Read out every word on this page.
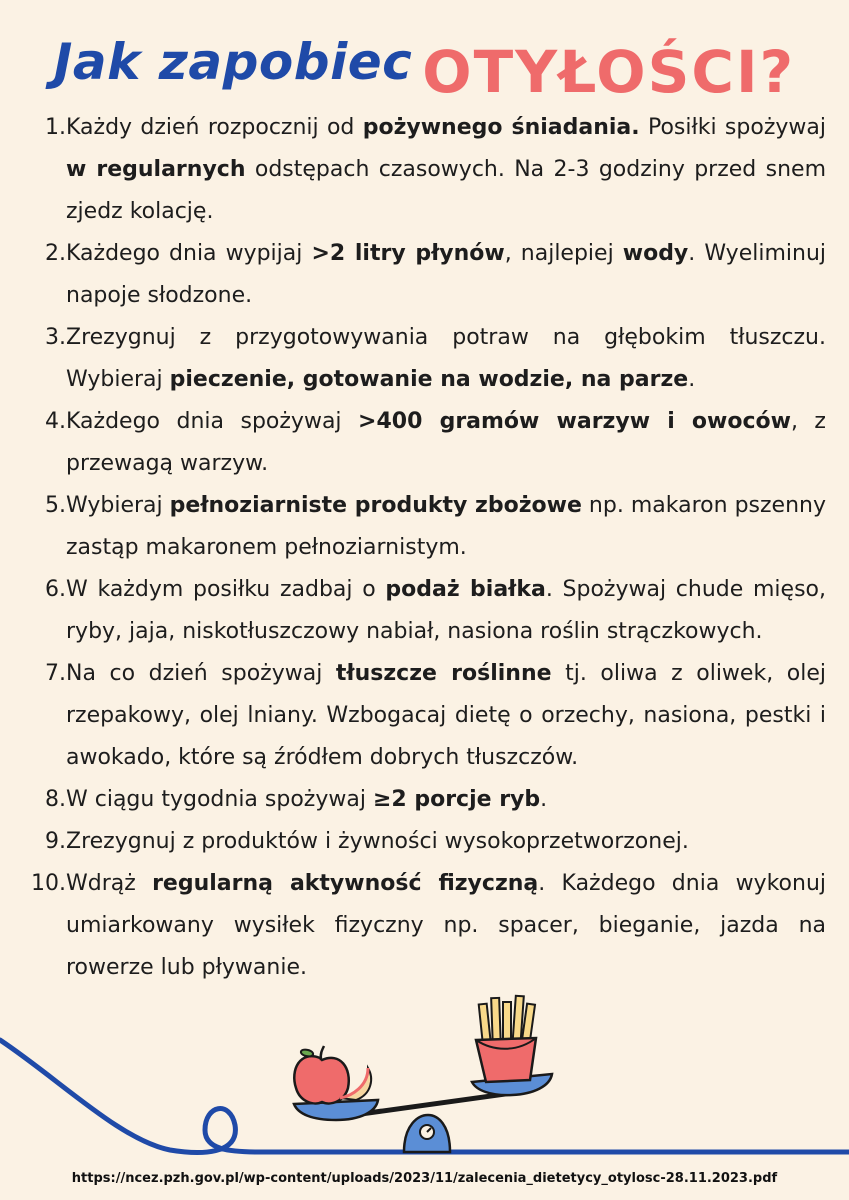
Jak zapobiec OTYŁOŚCI?
1. Każdy dzień rozpocznij od pożywnego śniadania. Posiłki spożywaj w regularnych odstępach czasowych. Na 2-3 godziny przed snem zjedz kolację.
2. Każdego dnia wypijaj >2 litry płynów, najlepiej wody. Wyeliminuj napoje słodzone.
3. Zrezygnuj z przygotowywania potraw na głębokim tłuszczu. Wybieraj pieczenie, gotowanie na wodzie, na parze.
4. Każdego dnia spożywaj >400 gramów warzyw i owoców, z przewagą warzyw.
5. Wybieraj pełnoziarniste produkty zbożowe np. makaron pszenny zastąp makaronem pełnoziarnistym.
6. W każdym posiłku zadbaj o podaż białka. Spożywaj chude mięso, ryby, jaja, niskotłuszczowy nabiał, nasiona roślin strączkowych.
7. Na co dzień spożywaj tłuszcze roślinne tj. oliwa z oliwek, olej rzepakowy, olej lniany. Wzbogacaj dietę o orzechy, nasiona, pestki i awokado, które są źródłem dobrych tłuszczów.
8. W ciągu tygodnia spożywaj ≥2 porcje ryb.
9. Zrezygnuj z produktów i żywności wysokoprzetworzonej.
10. Wdrąż regularną aktywność fizyczną. Każdego dnia wykonuj umiarkowany wysiłek fizyczny np. spacer, bieganie, jazda na rowerze lub pływanie.
https://ncez.pzh.gov.pl/wp-content/uploads/2023/11/zalecenia_dietetycy_otylosc-28.11.2023.pdf
